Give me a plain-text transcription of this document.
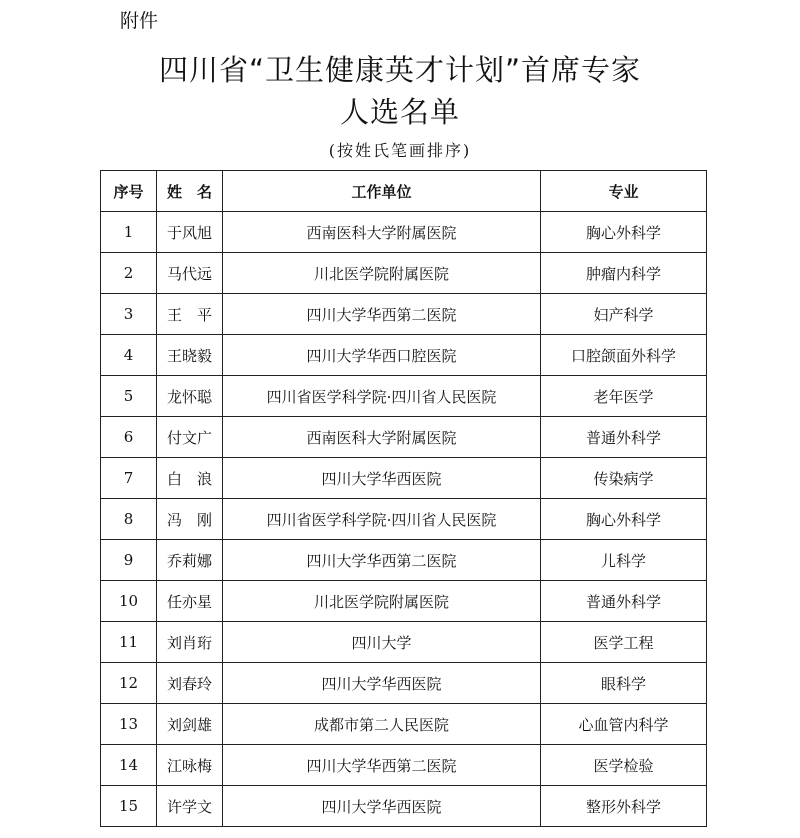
附件
四川省“卫生健康英才计划”首席专家
人选名单
(按姓氏笔画排序)
序号	姓　名	工作单位	专业
1	于风旭	西南医科大学附属医院	胸心外科学
2	马代远	川北医学院附属医院	肿瘤内科学
3	王　平	四川大学华西第二医院	妇产科学
4	王晓毅	四川大学华西口腔医院	口腔颌面外科学
5	龙怀聪	四川省医学科学院·四川省人民医院	老年医学
6	付文广	西南医科大学附属医院	普通外科学
7	白　浪	四川大学华西医院	传染病学
8	冯　刚	四川省医学科学院·四川省人民医院	胸心外科学
9	乔莉娜	四川大学华西第二医院	儿科学
10	任亦星	川北医学院附属医院	普通外科学
11	刘肖珩	四川大学	医学工程
12	刘春玲	四川大学华西医院	眼科学
13	刘剑雄	成都市第二人民医院	心血管内科学
14	江咏梅	四川大学华西第二医院	医学检验
15	许学文	四川大学华西医院	整形外科学
